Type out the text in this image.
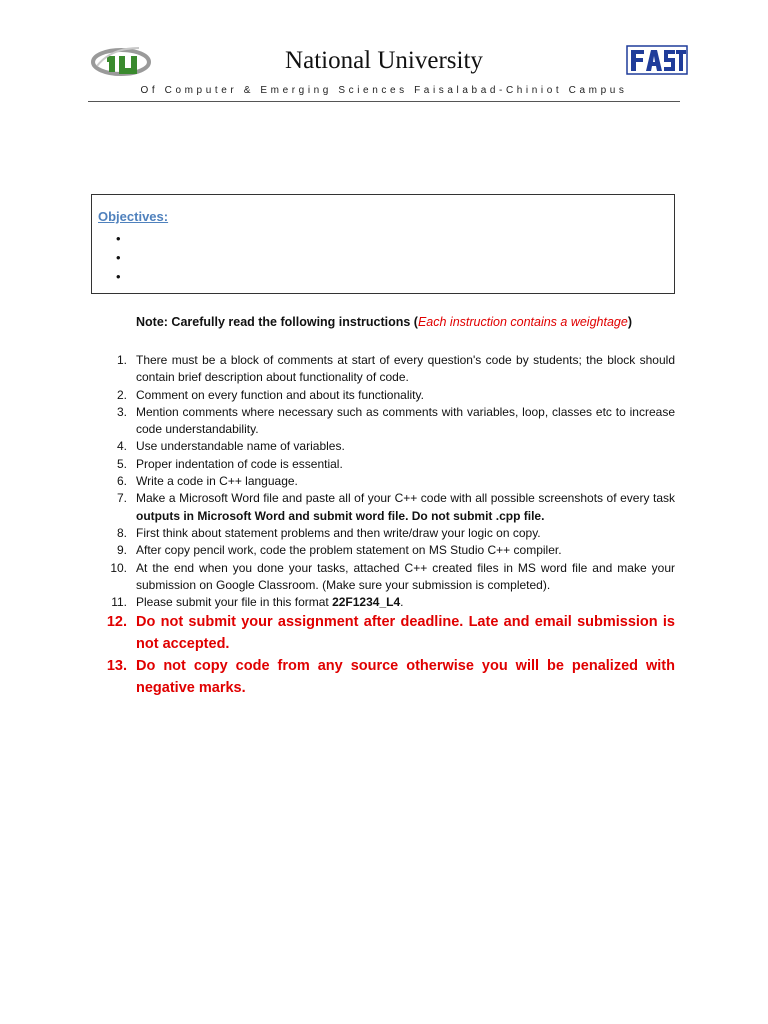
National University
Of Computer & Emerging Sciences Faisalabad-Chiniot Campus
Objectives:
•
•
•
Note: Carefully read the following instructions (Each instruction contains a weightage)
1. There must be a block of comments at start of every question's code by students; the block should contain brief description about functionality of code.
2. Comment on every function and about its functionality.
3. Mention comments where necessary such as comments with variables, loop, classes etc to increase code understandability.
4. Use understandable name of variables.
5. Proper indentation of code is essential.
6. Write a code in C++ language.
7. Make a Microsoft Word file and paste all of your C++ code with all possible screenshots of every task outputs in Microsoft Word and submit word file. Do not submit .cpp file.
8. First think about statement problems and then write/draw your logic on copy.
9. After copy pencil work, code the problem statement on MS Studio C++ compiler.
10. At the end when you done your tasks, attached C++ created files in MS word file and make your submission on Google Classroom. (Make sure your submission is completed).
11. Please submit your file in this format 22F1234_L4.
12. Do not submit your assignment after deadline. Late and email submission is not accepted.
13. Do not copy code from any source otherwise you will be penalized with negative marks.
